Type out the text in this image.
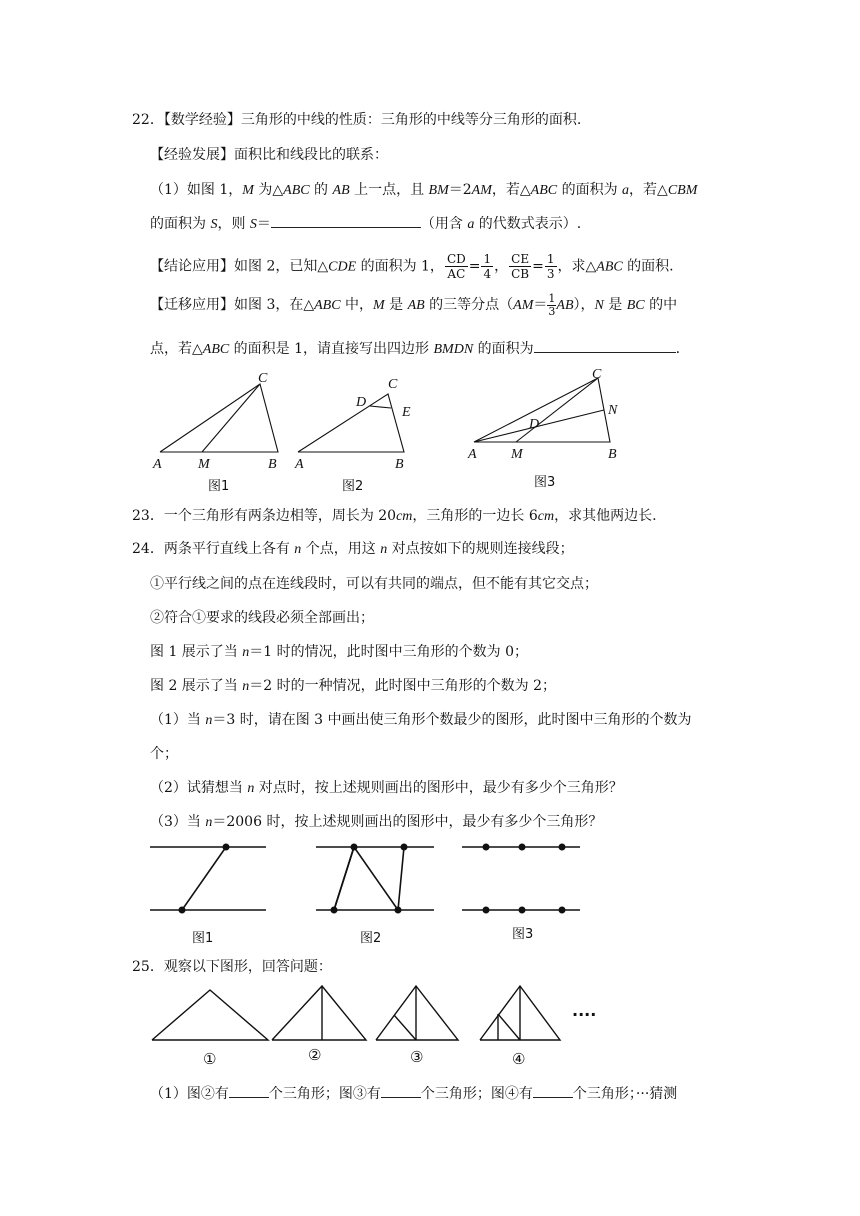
22．【数学经验】三角形的中线的性质：三角形的中线等分三角形的面积.
【经验发展】面积比和线段比的联系：
（1）如图 1，M 为△ABC 的 AB 上一点，且 BM＝2AM，若△ABC 的面积为 a，若△CBM
的面积为 S，则 S＝	（用含 a 的代数式表示）.
【结论应用】如图 2，已知△CDE 的面积为 1， $\frac{CD}{AC} = \frac{1}{4}$ ， $\frac{CE}{CB} = \frac{1}{3}$ ，求△ABC 的面积.
【迁移应用】如图 3，在△ABC 中，M 是 AB 的三等分点$(AM= \frac{1}{3}AB)$，N 是 BC 的中
点，若△ABC 的面积是 1，请直接写出四边形 BMDN 的面积为	.
C
A	M	B
图1
C
D
E
A	B
图2
C
D
N
A M	B
图3
23．一个三角形有两条边相等，周长为 20cm，三角形的一边长 6cm，求其他两边长.
24．两条平行直线上各有 n 个点，用这 n 对点按如下的规则连接线段；
①平行线之间的点在连线段时，可以有共同的端点，但不能有其它交点；
②符合①要求的线段必须全部画出；
图 1 展示了当 n＝1 时的情况，此时图中三角形的个数为 0；
图 2 展示了当 n＝2 时的一种情况，此时图中三角形的个数为 2；
（1）当 n＝3 时，请在图 3 中画出使三角形个数最少的图形，此时图中三角形的个数为
个；
（2）试猜想当 n 对点时，按上述规则画出的图形中，最少有多少个三角形？
（3）当 n＝2006 时，按上述规则画出的图形中，最少有多少个三角形？
图1	图2	图3
25．观察以下图形，回答问题：
····
①	②	③	④
（1）图②有	个三角形；图③有	个三角形；图④有	个三角形；···猜测
